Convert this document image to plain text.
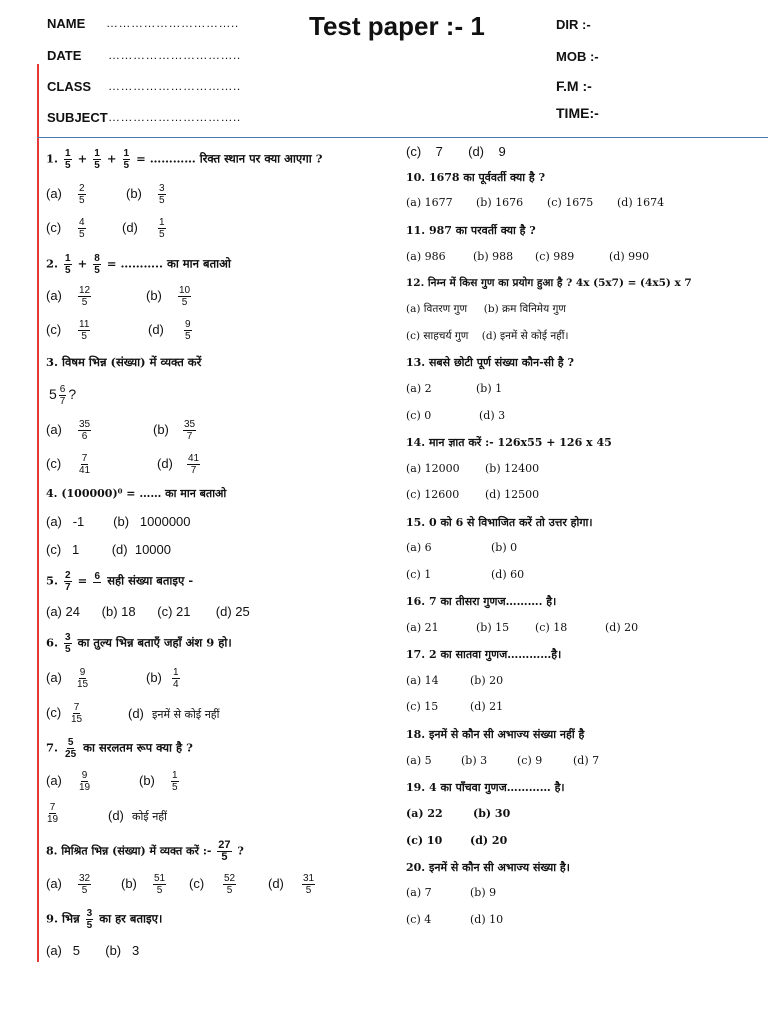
NAME …………………………..
DATE …………………………..
CLASS …………………………..
SUBJECT …………………………..
Test paper :- 1	DIR :-
MOB :-
F.M :-
TIME:-
1. $\frac{1}{5} + \frac{1}{5} + \frac{1}{5}$ = ………… रिक्त स्थान पर क्या आएगा ?
$(a) \frac{2}{5}$	$(b) \frac{3}{5}$
$(c) \frac{4}{5}$	$(d) \frac{1}{5}$
2. $\frac{1}{5} + \frac{8}{5}$ = ……….. का मान बताओ
$(a) \frac{12}{5}$	$(b) \frac{10}{5}$
$(c) \frac{11}{5}$	$(d) \frac{9}{5}$
3. विषम भिन्न (संख्या) में व्यक्त करें
$5 \frac{6}{7}$ ?
$(a) \frac{35}{6}$	$(b) \frac{35}{7}$
$(c) \frac{7}{41}$	$(d) \frac{41}{7}$
4. (100000)⁰ = …… का मान बताओ
(a)   -1        (b)   1000000
(c)   1         (d)  10000
5. $\frac{2}{7} = 6$ सही संख्या बताइए -
(a) 24      (b) 18      (c) 21       (d) 25
6. $\frac{3}{5}$ का तुल्य भिन्न बताएँ जहाँ अंश 9 हो।
$(a) \frac{9}{15}$	$(b) \frac{1}{4}$
$(c) \frac{7}{15}$	(d) इनमें से कोई नहीं
7. $\frac{5}{25}$ का सरलतम रूप क्या है ?
$(a) \frac{9}{19}$	$(b) \frac{1}{5}$
$\frac{7}{19}$	(d) कोई नहीं
8. मिश्रित भिन्न (संख्या) में व्यक्त करें :- $\frac{27}{5}$ ?
$(a) \frac{32}{5} (b) \frac{51}{5} (c) \frac{52}{5} (d) \frac{31}{5}$
9. भिन्न $\frac{3}{5}$ का हर बताइए।
(a)   5       (b)   3
(c)    7       (d)    9
10. 1678 का पूर्ववर्ती क्या है ?
(a) 1677 (b) 1676 (c) 1675 (d) 1674
11. 987 का परवर्ती क्या है ?
(a) 986 (b) 988 (c) 989	(d) 990
12. निम्न में किस गुण का प्रयोग हुआ है ? 4x (5x7) = (4x5) x 7
(a) वितरण गुण     (b) क्रम विनिमेय गुण
(c) साहचर्य गुण    (d) इनमें से कोई नहीं।
13. सबसे छोटी पूर्ण संख्या कौन-सी है ?
(a) 2	(b) 1
(c) 0	(d) 3
14. मान ज्ञात करें :- 126x55 + 126 x 45
(a) 12000 (b) 12400
(c) 12600 (d) 12500
15. 0 को 6 से विभाजित करें तो उत्तर होगा।
(a) 6	(b) 0
(c) 1	(d) 60
16. 7 का तीसरा गुणज………. है।
(a) 21	(b) 15 (c) 18	(d) 20
17. 2 का सातवा गुणज…………है।
(a) 14	(b) 20
(c) 15	(d) 21
18. इनमें से कौन सी अभाज्य संख्या नहीं है
(a) 5	(b) 3	(c) 9	(d) 7
19. 4 का पाँचवा गुणज………… है।
(a) 22	(b) 30
(c) 10	(d) 20
20. इनमें से कौन सी अभाज्य संख्या है।
(a) 7	(b) 9
(c) 4	(d) 10
